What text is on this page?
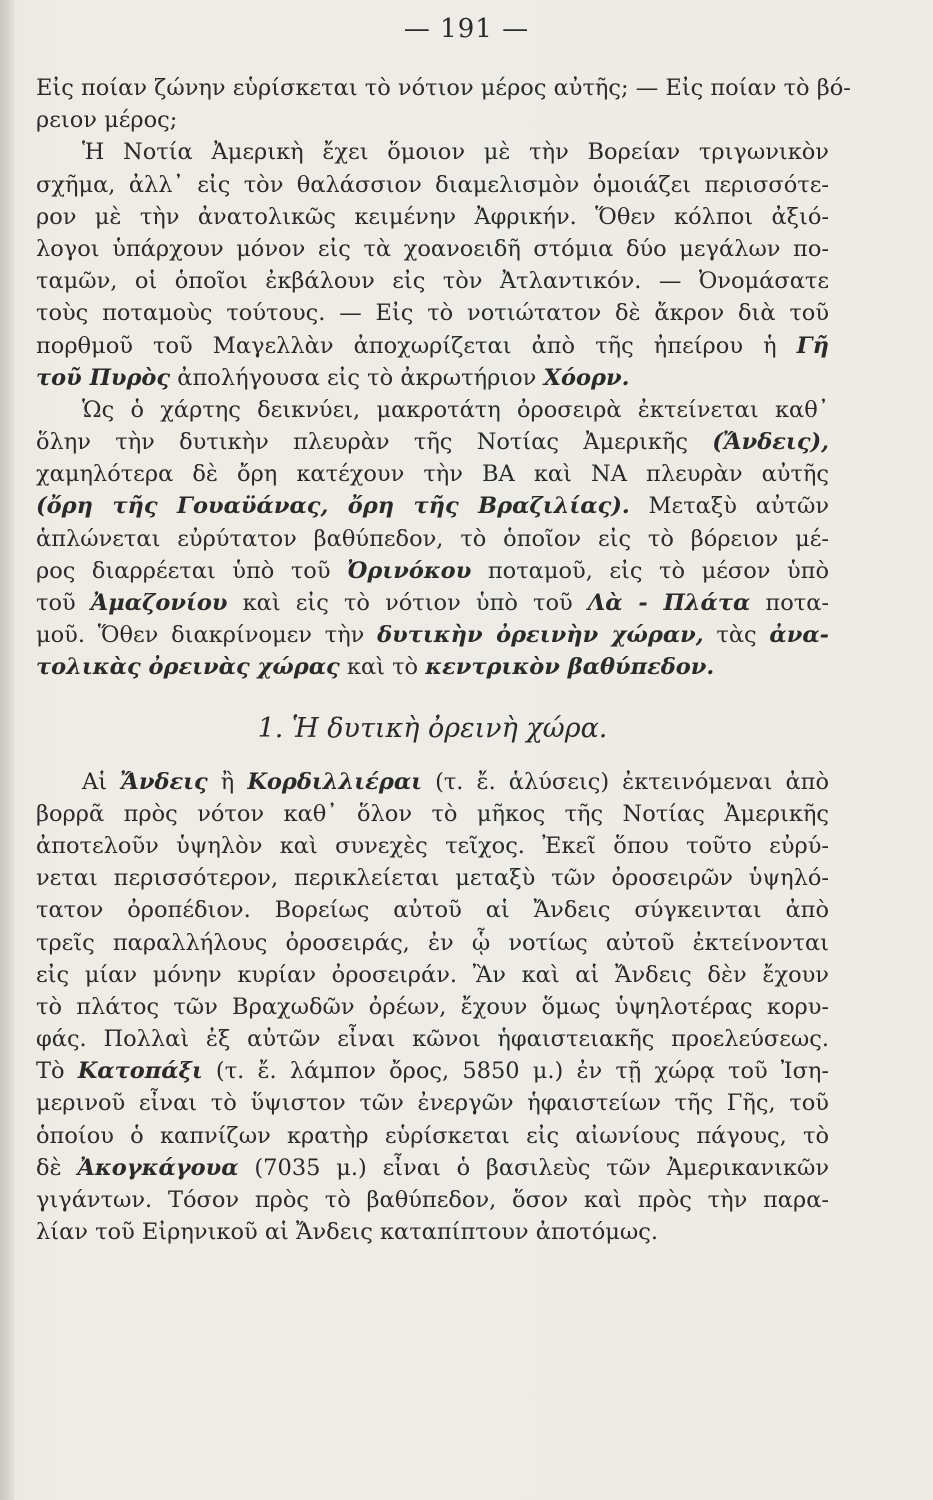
— 191 —
Εἰς ποίαν ζώνην εὑρίσκεται τὸ νότιον μέρος αὐτῆς; — Εἰς ποίαν τὸ βό-
ρειον μέρος;
Ἡ Νοτία Ἀμερικὴ ἔχει ὅμοιον μὲ τὴν Βορείαν τριγωνικὸν
σχῆμα, ἀλλ᾽ εἰς τὸν θαλάσσιον διαμελισμὸν ὁμοιάζει περισσότε-
ρον μὲ τὴν ἀνατολικῶς κειμένην Ἀφρικήν. Ὅθεν κόλποι ἀξιό-
λογοι ὑπάρχουν μόνον εἰς τὰ χοανοειδῆ στόμια δύο μεγάλων πο-
ταμῶν, οἱ ὁποῖοι ἐκβάλουν εἰς τὸν Ἀτλαντικόν. — Ὀνομάσατε
τοὺς ποταμοὺς τούτους. — Εἰς τὸ νοτιώτατον δὲ ἄκρον διὰ τοῦ
πορθμοῦ τοῦ Μαγελλὰν ἀποχωρίζεται ἀπὸ τῆς ἠπείρου ἡ Γῆ
τοῦ Πυρὸς ἀπολήγουσα εἰς τὸ ἀκρωτήριον Χόορν.
Ὡς ὁ χάρτης δεικνύει, μακροτάτη ὀροσειρὰ ἐκτείνεται καθ᾽
ὅλην τὴν δυτικὴν πλευρὰν τῆς Νοτίας Ἀμερικῆς (Ἄνδεις),
χαμηλότερα δὲ ὄρη κατέχουν τὴν ΒΑ καὶ ΝΑ πλευρὰν αὐτῆς
(ὄρη τῆς Γουαϋάνας, ὄρη τῆς Βραζιλίας). Μεταξὺ αὐτῶν
ἁπλώνεται εὐρύτατον βαθύπεδον, τὸ ὁποῖον εἰς τὸ βόρειον μέ-
ρος διαρρέεται ὑπὸ τοῦ Ὀρινόκου ποταμοῦ, εἰς τὸ μέσον ὑπὸ
τοῦ Ἀμαζονίου καὶ εἰς τὸ νότιον ὑπὸ τοῦ Λὰ - Πλάτα ποτα-
μοῦ. Ὅθεν διακρίνομεν τὴν δυτικὴν ὀρεινὴν χώραν, τὰς ἀνα-
τολικὰς ὀρεινὰς χώρας καὶ τὸ κεντρικὸν βαθύπεδον.
1. Ἡ δυτικὴ ὀρεινὴ χώρα.
Αἱ Ἄνδεις ἢ Κορδιλλιέραι (τ. ἔ. ἁλύσεις) ἐκτεινόμεναι ἀπὸ
βορρᾶ πρὸς νότον καθ᾽ ὅλον τὸ μῆκος τῆς Νοτίας Ἀμερικῆς
ἀποτελοῦν ὑψηλὸν καὶ συνεχὲς τεῖχος. Ἐκεῖ ὅπου τοῦτο εὐρύ-
νεται περισσότερον, περικλείεται μεταξὺ τῶν ὀροσειρῶν ὑψηλό-
τατον ὀροπέδιον. Βορείως αὐτοῦ αἱ Ἄνδεις σύγκεινται ἀπὸ
τρεῖς παραλλήλους ὀροσειράς, ἐν ᾧ νοτίως αὐτοῦ ἐκτείνονται
εἰς μίαν μόνην κυρίαν ὀροσειράν. Ἂν καὶ αἱ Ἄνδεις δὲν ἔχουν
τὸ πλάτος τῶν Βραχωδῶν ὀρέων, ἔχουν ὅμως ὑψηλοτέρας κορυ-
φάς. Πολλαὶ ἐξ αὐτῶν εἶναι κῶνοι ἡφαιστειακῆς προελεύσεως.
Τὸ Κατοπάξι (τ. ἔ. λάμπον ὄρος, 5850 μ.) ἐν τῇ χώρᾳ τοῦ Ἰση-
μερινοῦ εἶναι τὸ ὕψιστον τῶν ἐνεργῶν ἡφαιστείων τῆς Γῆς, τοῦ
ὁποίου ὁ καπνίζων κρατὴρ εὑρίσκεται εἰς αἰωνίους πάγους, τὸ
δὲ Ἀκογκάγουα (7035 μ.) εἶναι ὁ βασιλεὺς τῶν Ἀμερικανικῶν
γιγάντων. Τόσον πρὸς τὸ βαθύπεδον, ὅσον καὶ πρὸς τὴν παρα-
λίαν τοῦ Εἰρηνικοῦ αἱ Ἄνδεις καταπίπτουν ἀποτόμως.
